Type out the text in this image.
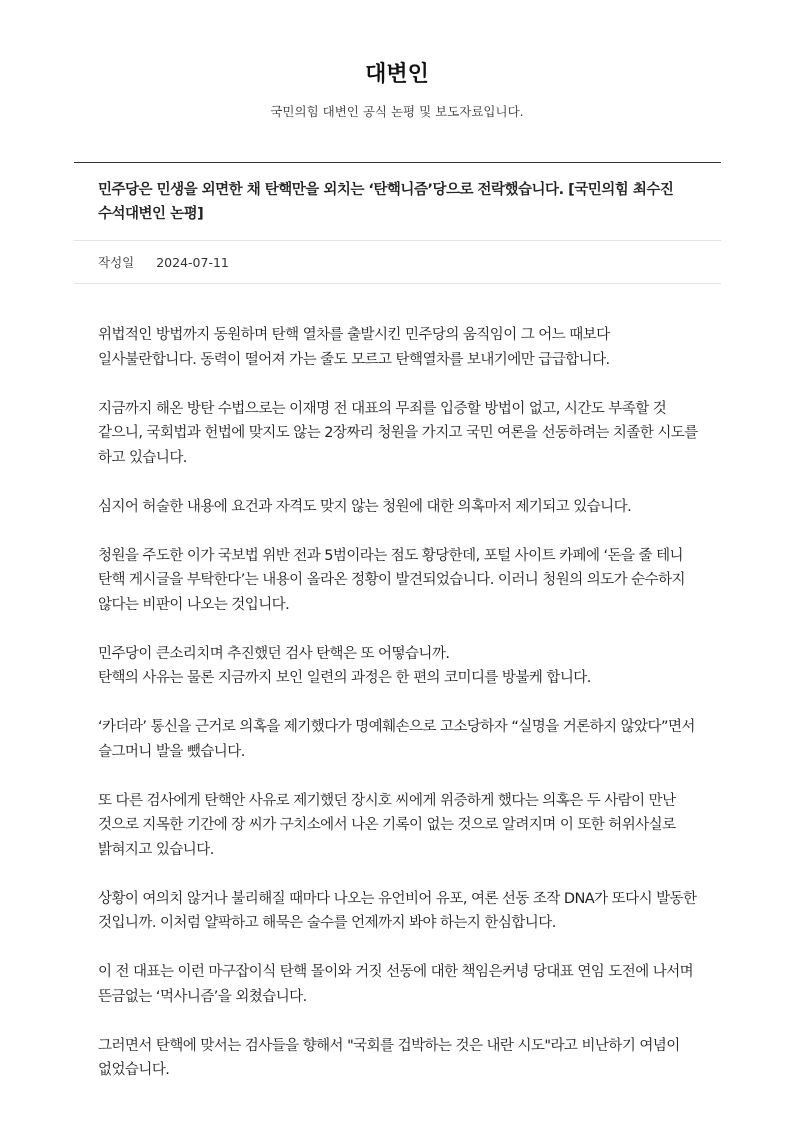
대변인

국민의힘 대변인 공식 논평 및 보도자료입니다.

민주당은 민생을 외면한 채 탄핵만을 외치는 ‘탄핵니즘’당으로 전락했습니다. [국민의힘 최수진 수석대변인 논평]
작성일 2024-07-11

위법적인 방법까지 동원하며 탄핵 열차를 출발시킨 민주당의 움직임이 그 어느 때보다 일사불란합니다. 동력이 떨어져 가는 줄도 모르고 탄핵열차를 보내기에만 급급합니다.

지금까지 해온 방탄 수법으로는 이재명 전 대표의 무죄를 입증할 방법이 없고, 시간도 부족할 것 같으니, 국회법과 헌법에 맞지도 않는 2장짜리 청원을 가지고 국민 여론을 선동하려는 치졸한 시도를 하고 있습니다.

심지어 허술한 내용에 요건과 자격도 맞지 않는 청원에 대한 의혹마저 제기되고 있습니다.

청원을 주도한 이가 국보법 위반 전과 5범이라는 점도 황당한데, 포털 사이트 카페에 ‘돈을 줄 테니 탄핵 게시글을 부탁한다’는 내용이 올라온 정황이 발견되었습니다. 이러니 청원의 의도가 순수하지 않다는 비판이 나오는 것입니다.

민주당이 큰소리치며 추진했던 검사 탄핵은 또 어떻습니까.
탄핵의 사유는 물론 지금까지 보인 일련의 과정은 한 편의 코미디를 방불케 합니다.

‘카더라’ 통신을 근거로 의혹을 제기했다가 명예훼손으로 고소당하자 “실명을 거론하지 않았다”면서 슬그머니 발을 뺐습니다.

또 다른 검사에게 탄핵안 사유로 제기했던 장시호 씨에게 위증하게 했다는 의혹은 두 사람이 만난 것으로 지목한 기간에 장 씨가 구치소에서 나온 기록이 없는 것으로 알려지며 이 또한 허위사실로 밝혀지고 있습니다.

상황이 여의치 않거나 불리해질 때마다 나오는 유언비어 유포, 여론 선동 조작 DNA가 또다시 발동한 것입니까. 이처럼 얄팍하고 해묵은 술수를 언제까지 봐야 하는지 한심합니다.

이 전 대표는 이런 마구잡이식 탄핵 몰이와 거짓 선동에 대한 책임은커녕 당대표 연임 도전에 나서며 뜬금없는 ‘먹사니즘’을 외쳤습니다.

그러면서 탄핵에 맞서는 검사들을 향해서 "국회를 겁박하는 것은 내란 시도"라고 비난하기 여념이 없었습니다.
